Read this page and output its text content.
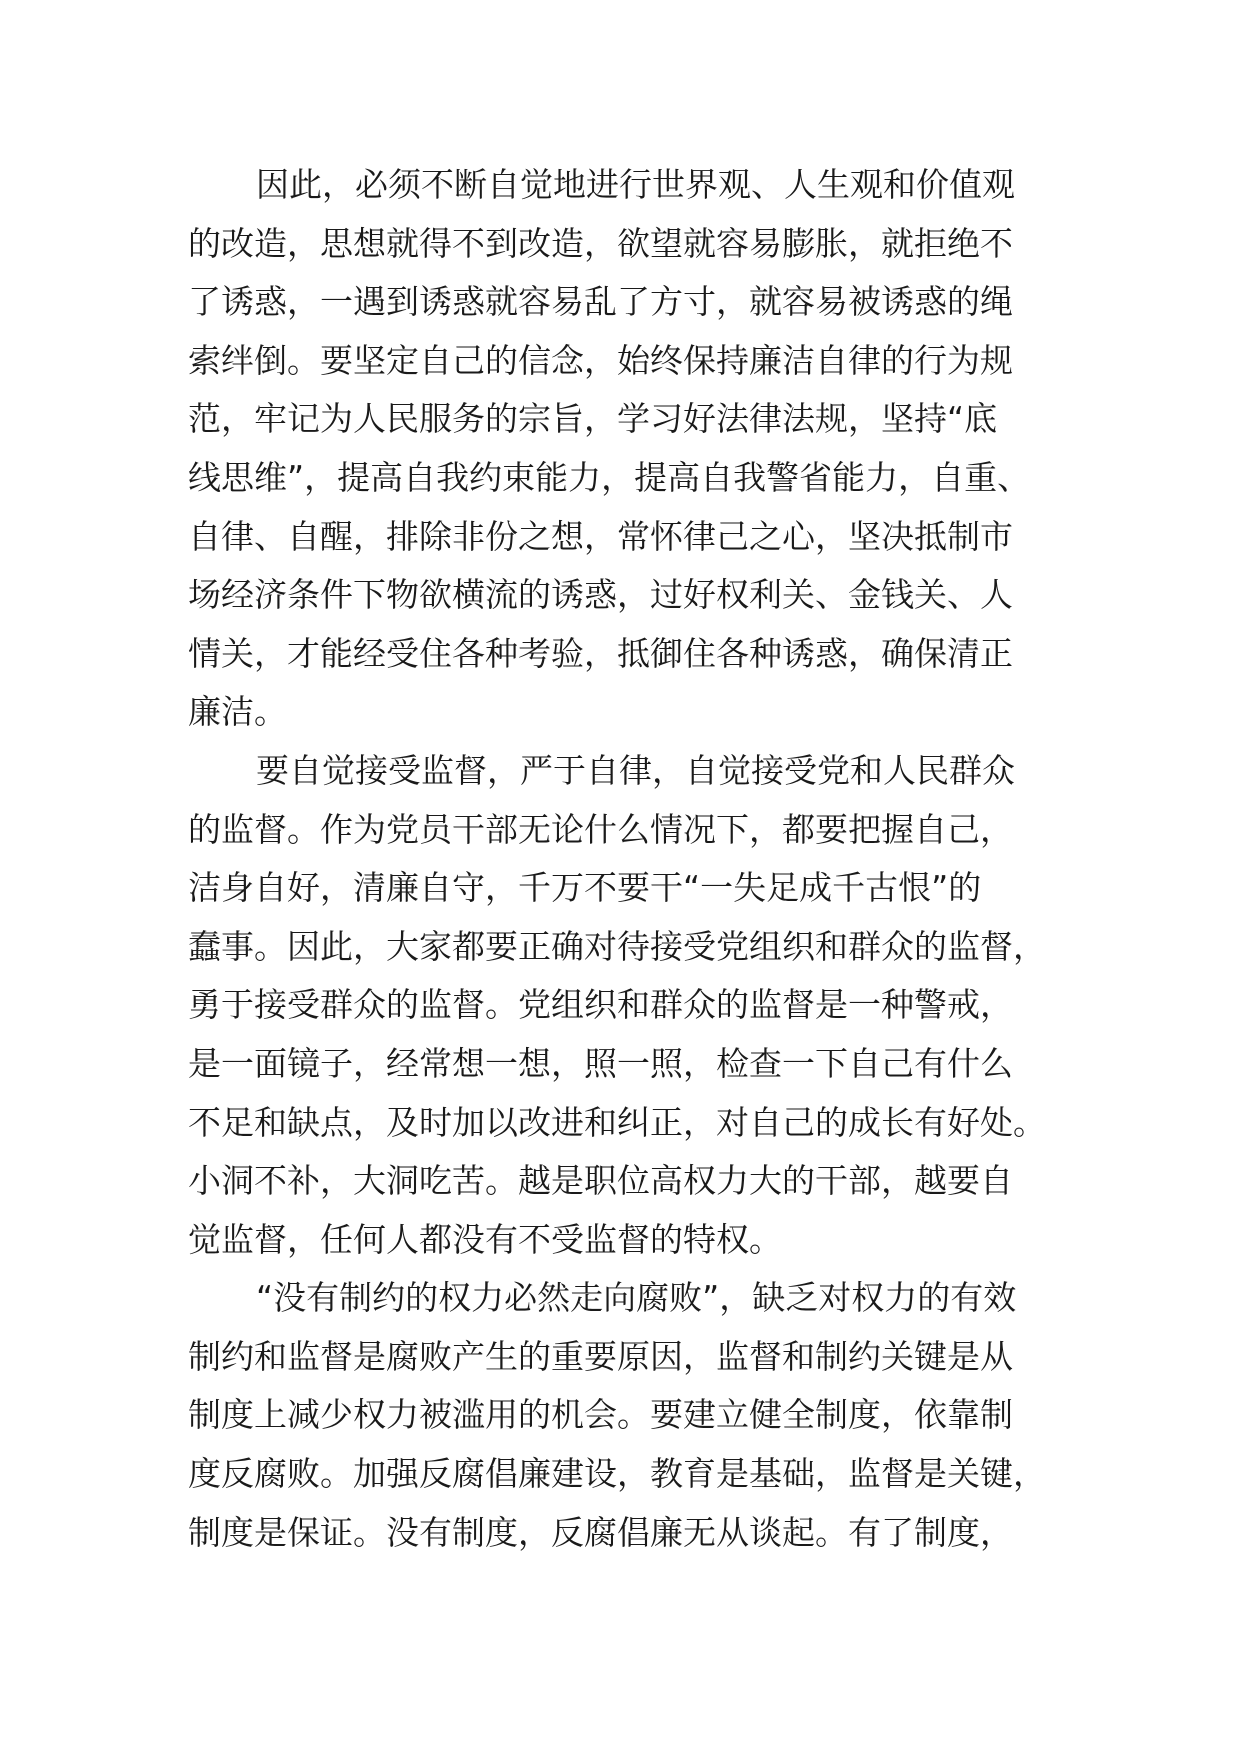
因此，必须不断自觉地进行世界观、人生观和价值观
的改造，思想就得不到改造，欲望就容易膨胀，就拒绝不
了诱惑，一遇到诱惑就容易乱了方寸，就容易被诱惑的绳
索绊倒。要坚定自己的信念，始终保持廉洁自律的行为规
范，牢记为人民服务的宗旨，学习好法律法规，坚持“底
线思维”，提高自我约束能力，提高自我警省能力，自重、
自律、自醒，排除非份之想，常怀律己之心，坚决抵制市
场经济条件下物欲横流的诱惑，过好权利关、金钱关、人
情关，才能经受住各种考验，抵御住各种诱惑，确保清正
廉洁。

要自觉接受监督，严于自律，自觉接受党和人民群众
的监督。作为党员干部无论什么情况下，都要把握自己，
洁身自好，清廉自守，千万不要干“一失足成千古恨”的
蠢事。因此，大家都要正确对待接受党组织和群众的监督，
勇于接受群众的监督。党组织和群众的监督是一种警戒，
是一面镜子，经常想一想，照一照，检查一下自己有什么
不足和缺点，及时加以改进和纠正，对自己的成长有好处。
小洞不补，大洞吃苦。越是职位高权力大的干部，越要自
觉监督，任何人都没有不受监督的特权。

“没有制约的权力必然走向腐败”，缺乏对权力的有效
制约和监督是腐败产生的重要原因，监督和制约关键是从
制度上减少权力被滥用的机会。要建立健全制度，依靠制
度反腐败。加强反腐倡廉建设，教育是基础，监督是关键，
制度是保证。没有制度，反腐倡廉无从谈起。有了制度，
